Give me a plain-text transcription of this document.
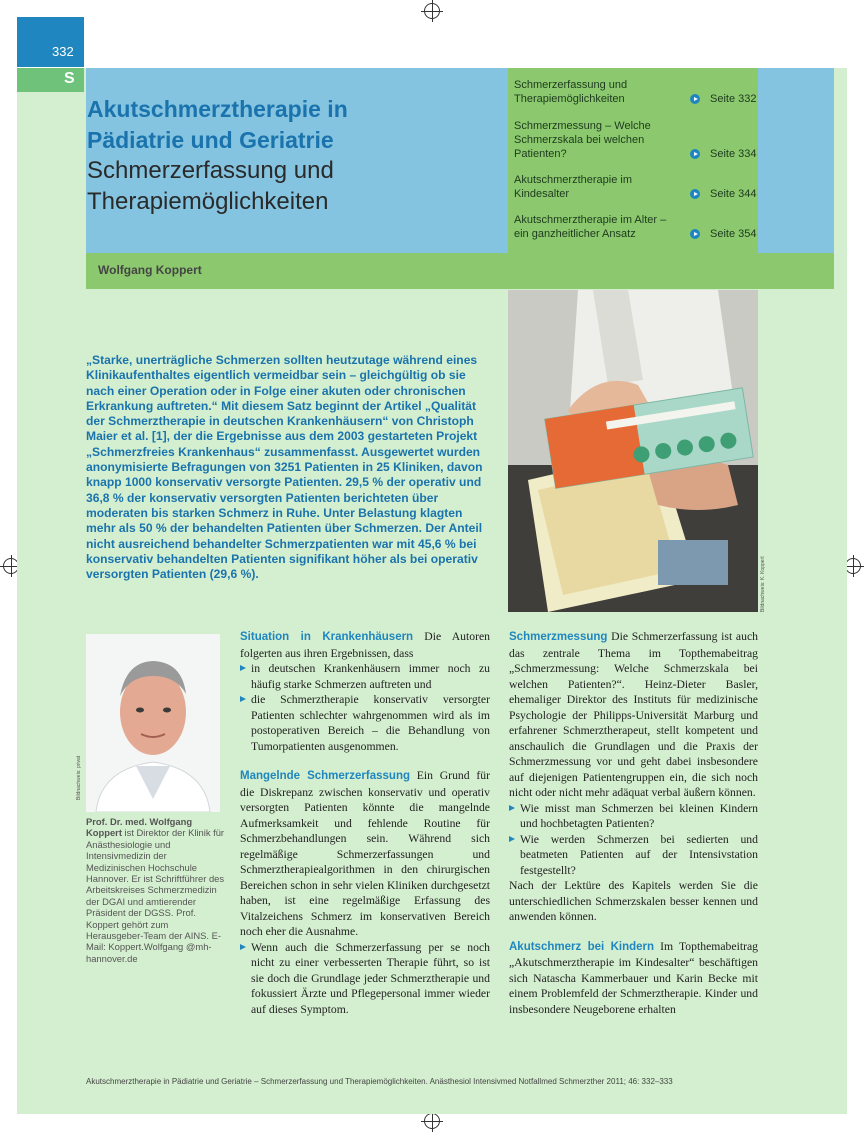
332
S
Akutschmerztherapie in
Pädiatrie und Geriatrie
Schmerzerfassung und
Therapiemöglichkeiten
Schmerzerfassung und
Therapiemöglichkeiten	Seite 332
Schmerzmessung – Welche
Schmerzskala bei welchen
Patienten?	Seite 334
Akutschmerztherapie im
Kindesalter	Seite 344
Akutschmerztherapie im Alter –
ein ganzheitlicher Ansatz	Seite 354
Wolfgang Koppert
„Starke, unerträgliche Schmerzen sollten heutzutage während eines Klinikaufenthaltes eigentlich vermeidbar sein – gleichgültig ob sie nach einer Operation oder in Folge einer akuten oder chronischen Erkrankung auftreten.“ Mit diesem Satz beginnt der Artikel „Qualität der Schmerztherapie in deutschen Krankenhäusern“ von Christoph Maier et al. [1], der die Ergebnisse aus dem 2003 gestarteten Projekt „Schmerzfreies Krankenhaus“ zusammenfasst. Ausgewertet wurden anonymisierte Befragungen von 3251 Patienten in 25 Kliniken, davon knapp 1000 konservativ versorgte Patienten. 29,5 % der operativ und 36,8 % der konservativ versorgten Patienten berichteten über moderaten bis starken Schmerz in Ruhe. Unter Belastung klagten mehr als 50 % der behandelten Patienten über Schmerzen. Der Anteil nicht ausreichend behandelter Schmerzpatienten war mit 45,6 % bei konservativ behandelten Patienten signifikant höher als bei operativ versorgten Patienten (29,6 %).	Bildnachweis: K. Koppert
Bildnachweis: privat
Prof. Dr. med. Wolfgang Koppert ist Direktor der Klinik für Anästhesiologie und Intensivmedizin der Medizinischen Hochschule Hannover. Er ist Schriftführer des Arbeitskreises Schmerzmedizin der DGAI und amtierender Präsident der DGSS. Prof. Koppert gehört zum Herausgeber-Team der AINS. E-Mail: Koppert.Wolfgang @mh-hannover.de

Situation in Krankenhäusern Die Autoren folgerten aus ihren Ergebnissen, dass

in deutschen Krankenhäusern immer noch zu häufig starke Schmerzen auftreten und

die Schmerztherapie konservativ versorgter Patienten schlechter wahrgenommen wird als im postoperativen Bereich – die Behandlung von Tumorpatienten ausgenommen.

Mangelnde Schmerzerfassung Ein Grund für die Diskrepanz zwischen konservativ und operativ versorgten Patienten könnte die mangelnde Aufmerksamkeit und fehlende Routine für Schmerzbehandlungen sein. Während sich regelmäßige Schmerzerfassungen und Schmerztherapiealgorithmen in den chirurgischen Bereichen schon in sehr vielen Kliniken durchgesetzt haben, ist eine regelmäßige Erfassung des Vitalzeichens Schmerz im konservativen Bereich noch eher die Ausnahme.

Wenn auch die Schmerzerfassung per se noch nicht zu einer verbesserten Therapie führt, so ist sie doch die Grundlage jeder Schmerztherapie und fokussiert Ärzte und Pflegepersonal immer wieder auf dieses Symptom.

Schmerzmessung Die Schmerzerfassung ist auch das zentrale Thema im Topthemabeitrag „Schmerzmessung: Welche Schmerzskala bei welchen Patienten?“. Heinz-Dieter Basler, ehemaliger Direktor des Instituts für medizinische Psychologie der Philipps-Universität Marburg und erfahrener Schmerztherapeut, stellt kompetent und anschaulich die Grundlagen und die Praxis der Schmerzmessung vor und geht dabei insbesondere auf diejenigen Patientengruppen ein, die sich noch nicht oder nicht mehr adäquat verbal äußern können.

Wie misst man Schmerzen bei kleinen Kindern und hochbetagten Patienten?

Wie werden Schmerzen bei sedierten und beatmeten Patienten auf der Intensivstation festgestellt?

Nach der Lektüre des Kapitels werden Sie die unterschiedlichen Schmerzskalen besser kennen und anwenden können.

Akutschmerz bei Kindern Im Topthemabeitrag „Akutschmerztherapie im Kindesalter“ beschäftigen sich Natascha Kammerbauer und Karin Becke mit einem Problemfeld der Schmerztherapie. Kinder und insbesondere Neugeborene erhalten

Akutschmerztherapie in Pädiatrie und Geriatrie – Schmerzerfassung und Therapiemöglichkeiten. Anästhesiol Intensivmed Notfallmed Schmerzther 2011; 46: 332–333
